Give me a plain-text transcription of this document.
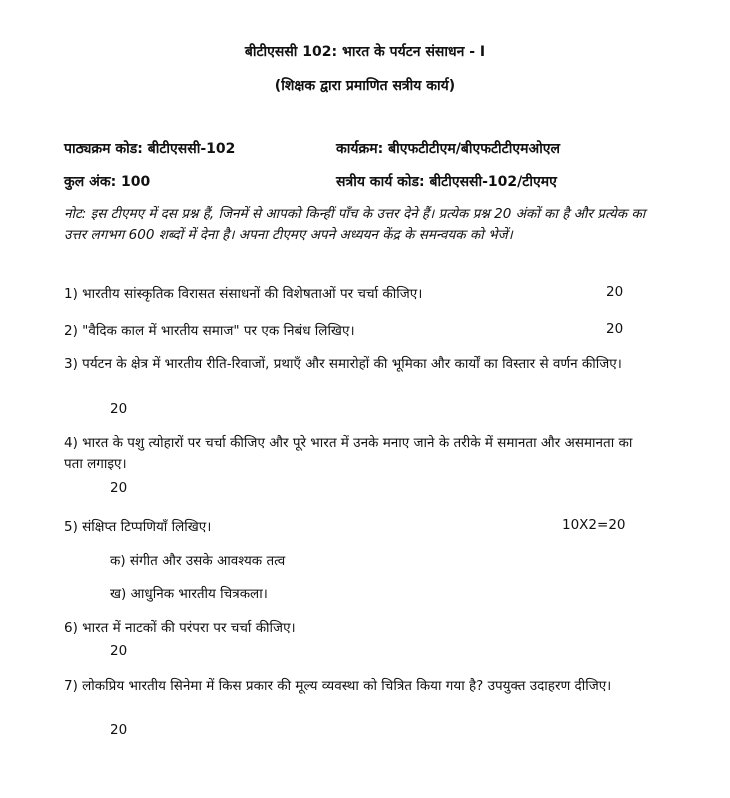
बीटीएससी 102: भारत के पर्यटन संसाधन - I
(शिक्षक द्वारा प्रमाणित सत्रीय कार्य)
पाठ्यक्रम कोड: बीटीएससी-102	कार्यक्रम: बीएफटीटीएम/बीएफटीटीएमओएल
कुल अंक: 100	सत्रीय कार्य कोड: बीटीएससी-102/टीएमए
नोट: इस टीएमए में दस प्रश्न हैं, जिनमें से आपको किन्हीं पाँच के उत्तर देने हैं। प्रत्येक प्रश्न 20 अंकों का है और प्रत्येक का उत्तर लगभग 600 शब्दों में देना है। अपना टीएमए अपने अध्ययन केंद्र के समन्वयक को भेजें।
1) भारतीय सांस्कृतिक विरासत संसाधनों की विशेषताओं पर चर्चा कीजिए।	20
2) "वैदिक काल में भारतीय समाज" पर एक निबंध लिखिए।	20
3) पर्यटन के क्षेत्र में भारतीय रीति-रिवाजों, प्रथाएँ और समारोहों की भूमिका और कार्यों का विस्तार से वर्णन कीजिए।
20
4) भारत के पशु त्योहारों पर चर्चा कीजिए और पूरे भारत में उनके मनाए जाने के तरीके में समानता और असमानता का पता लगाइए।
20
5) संक्षिप्त टिप्पणियाँ लिखिए।	10X2=20
क) संगीत और उसके आवश्यक तत्व
ख) आधुनिक भारतीय चित्रकला।
6) भारत में नाटकों की परंपरा पर चर्चा कीजिए।
20
7) लोकप्रिय भारतीय सिनेमा में किस प्रकार की मूल्य व्यवस्था को चित्रित किया गया है? उपयुक्त उदाहरण दीजिए।
20
